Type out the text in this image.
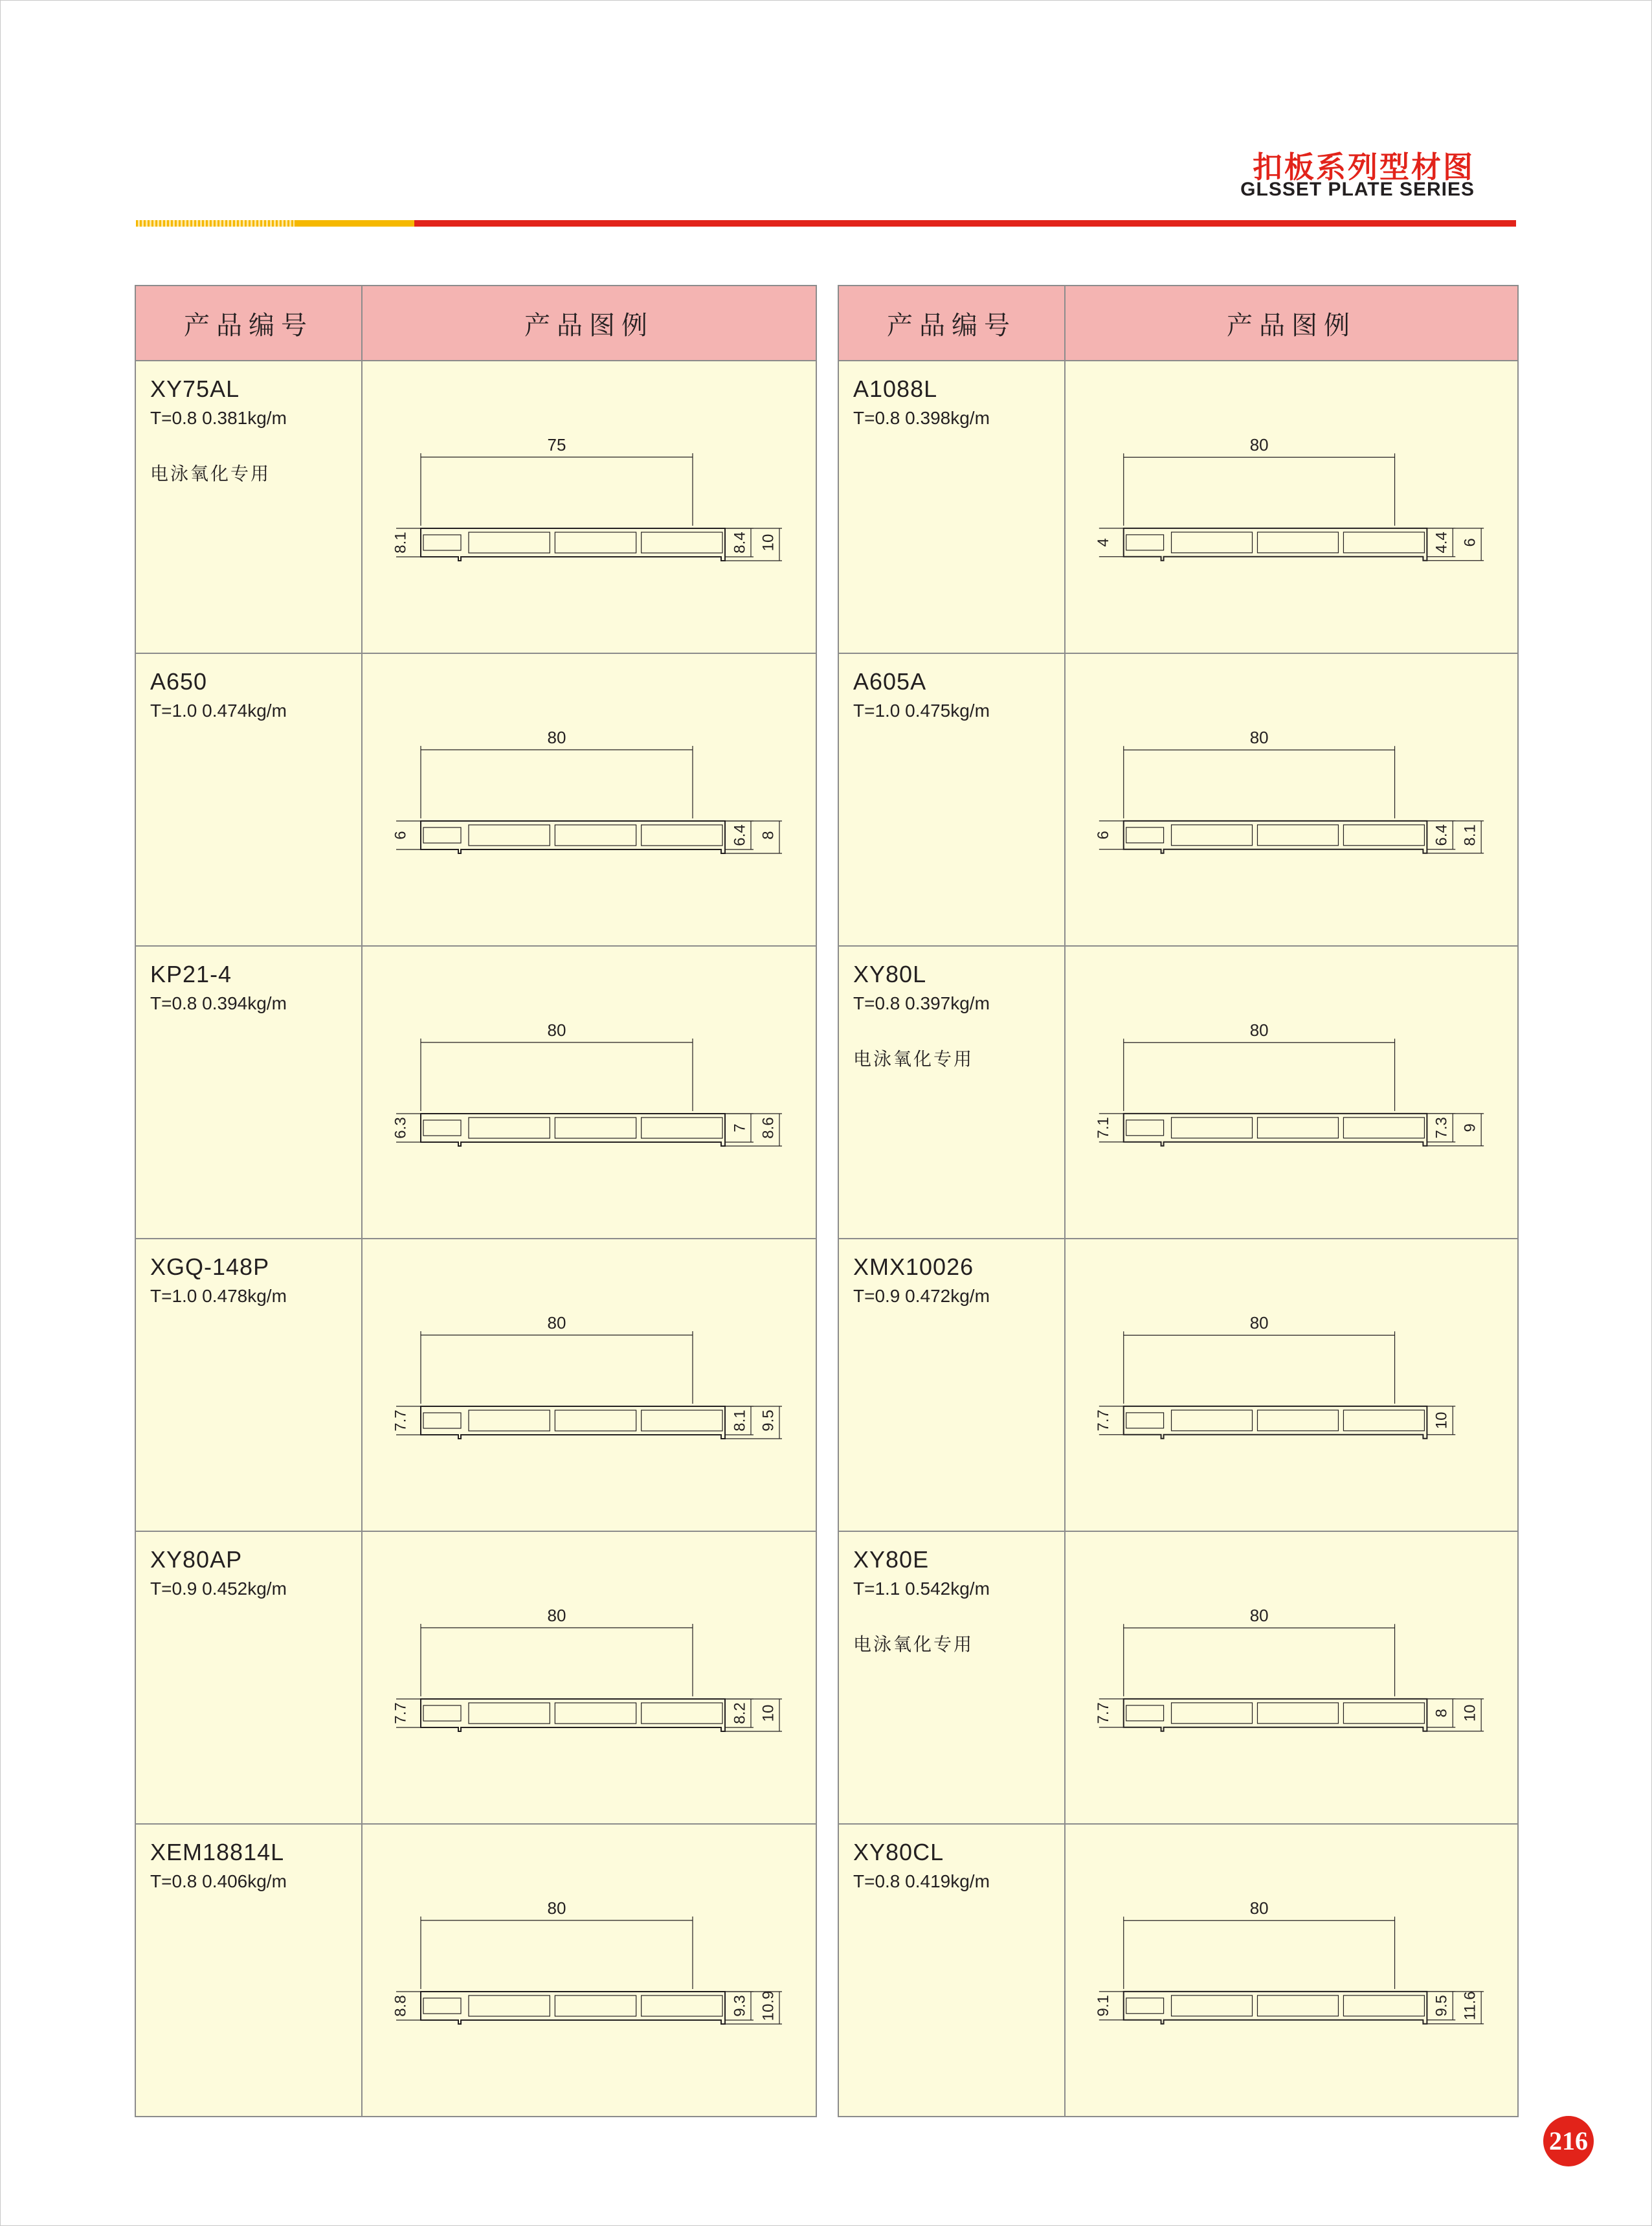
扣板系列型材图
GLSSET PLATE SERIES
产品编号	产品图例

XY75AL
T=0.8 0.381kg/m
电泳氧化专用	75
8.1 8.4 10

A650
T=1.0 0.474kg/m	80
6 6.4 8

KP21-4
T=0.8 0.394kg/m	80
6.3 7 8.6

XGQ-148P
T=1.0 0.478kg/m	80
7.7 8.1 9.5

XY80AP
T=0.9 0.452kg/m	80
7.7 8.2 10

XEM18814L
T=0.8 0.406kg/m	80
8.8 9.3 10.9
产品编号	产品图例

A1088L
T=0.8 0.398kg/m	80
4 4.4 6

A605A
T=1.0 0.475kg/m	80
6 6.4 8.1

XY80L
T=0.8 0.397kg/m
电泳氧化专用	80
7.1 7.3 9

XMX10026
T=0.9 0.472kg/m	80
7.7 10

XY80E
T=1.1 0.542kg/m
电泳氧化专用	80
7.7 8 10

XY80CL
T=0.8 0.419kg/m	80
9.1 9.5 11.6
216
